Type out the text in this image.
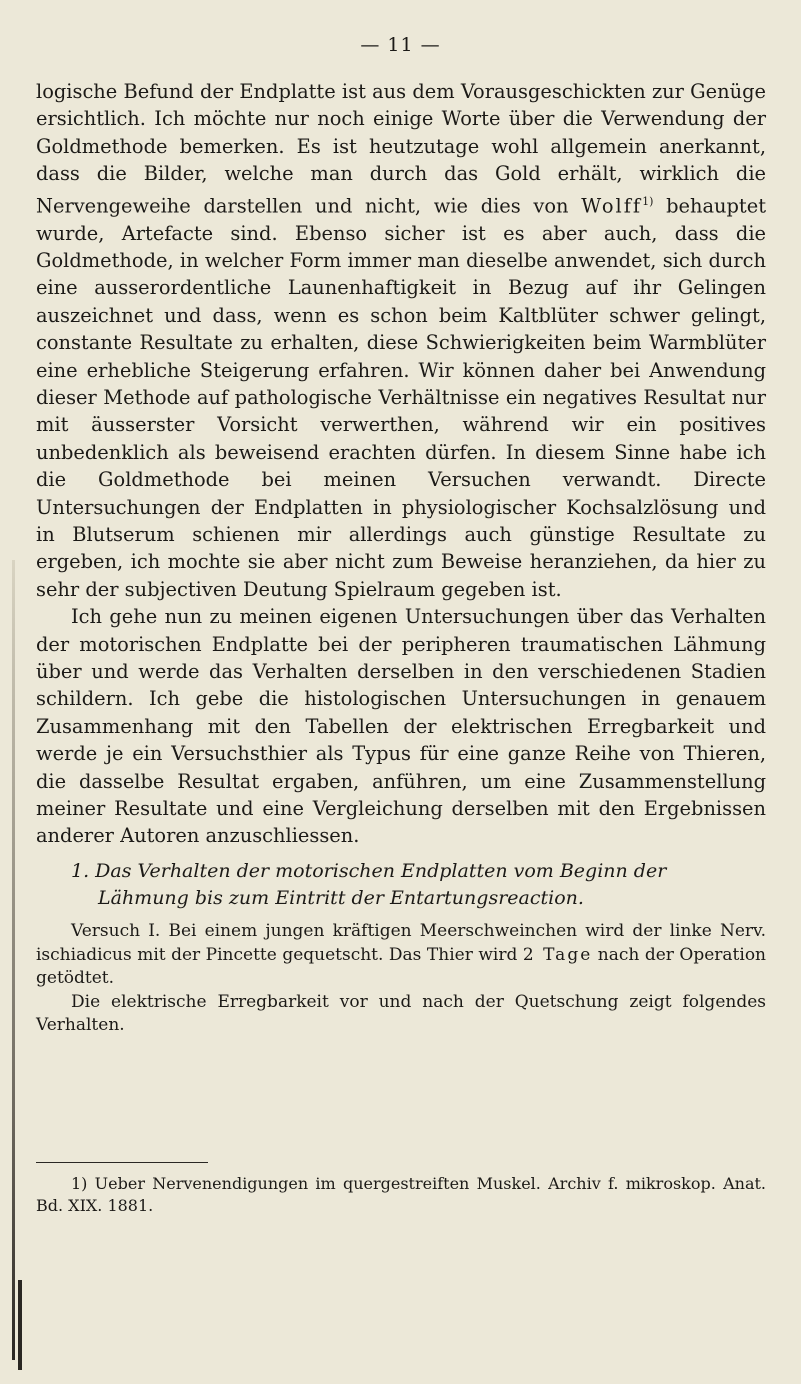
— 11 —

logische Befund der Endplatte ist aus dem Vorausgeschickten zur Genüge ersichtlich. Ich möchte nur noch einige Worte über die Verwendung der Goldmethode bemerken. Es ist heutzutage wohl allgemein anerkannt, dass die Bilder, welche man durch das Gold erhält, wirklich die Nervengeweihe darstellen und nicht, wie dies von Wolff$^{1)}$ behauptet wurde, Artefacte sind. Ebenso sicher ist es aber auch, dass die Goldmethode, in welcher Form immer man dieselbe anwendet, sich durch eine ausserordentliche Launenhaftigkeit in Bezug auf ihr Gelingen auszeichnet und dass, wenn es schon beim Kaltblüter schwer gelingt, constante Resultate zu erhalten, diese Schwierigkeiten beim Warmblüter eine erhebliche Steigerung erfahren. Wir können daher bei Anwendung dieser Methode auf pathologische Verhältnisse ein negatives Resultat nur mit äusserster Vorsicht verwerthen, während wir ein positives unbedenklich als beweisend erachten dürfen. In diesem Sinne habe ich die Goldmethode bei meinen Versuchen verwandt. Directe Untersuchungen der Endplatten in physiologischer Kochsalzlösung und in Blutserum schienen mir allerdings auch günstige Resultate zu ergeben, ich mochte sie aber nicht zum Beweise heranziehen, da hier zu sehr der subjectiven Deutung Spielraum gegeben ist.

Ich gehe nun zu meinen eigenen Untersuchungen über das Verhalten der motorischen Endplatte bei der peripheren traumatischen Lähmung über und werde das Verhalten derselben in den verschiedenen Stadien schildern. Ich gebe die histologischen Untersuchungen in genauem Zusammenhang mit den Tabellen der elektrischen Erregbarkeit und werde je ein Versuchsthier als Typus für eine ganze Reihe von Thieren, die dasselbe Resultat ergaben, anführen, um eine Zusammenstellung meiner Resultate und eine Vergleichung derselben mit den Ergebnissen anderer Autoren anzuschliessen.

1. Das Verhalten der motorischen Endplatten vom Beginn der
Lähmung bis zum Eintritt der Entartungsreaction.

Versuch I. Bei einem jungen kräftigen Meerschweinchen wird der linke Nerv. ischiadicus mit der Pincette gequetscht. Das Thier wird 2 Tage nach der Operation getödtet.

Die elektrische Erregbarkeit vor und nach der Quetschung zeigt folgendes Verhalten.

1) Ueber Nervenendigungen im quergestreiften Muskel. Archiv f. mikroskop. Anat. Bd. XIX. 1881.
